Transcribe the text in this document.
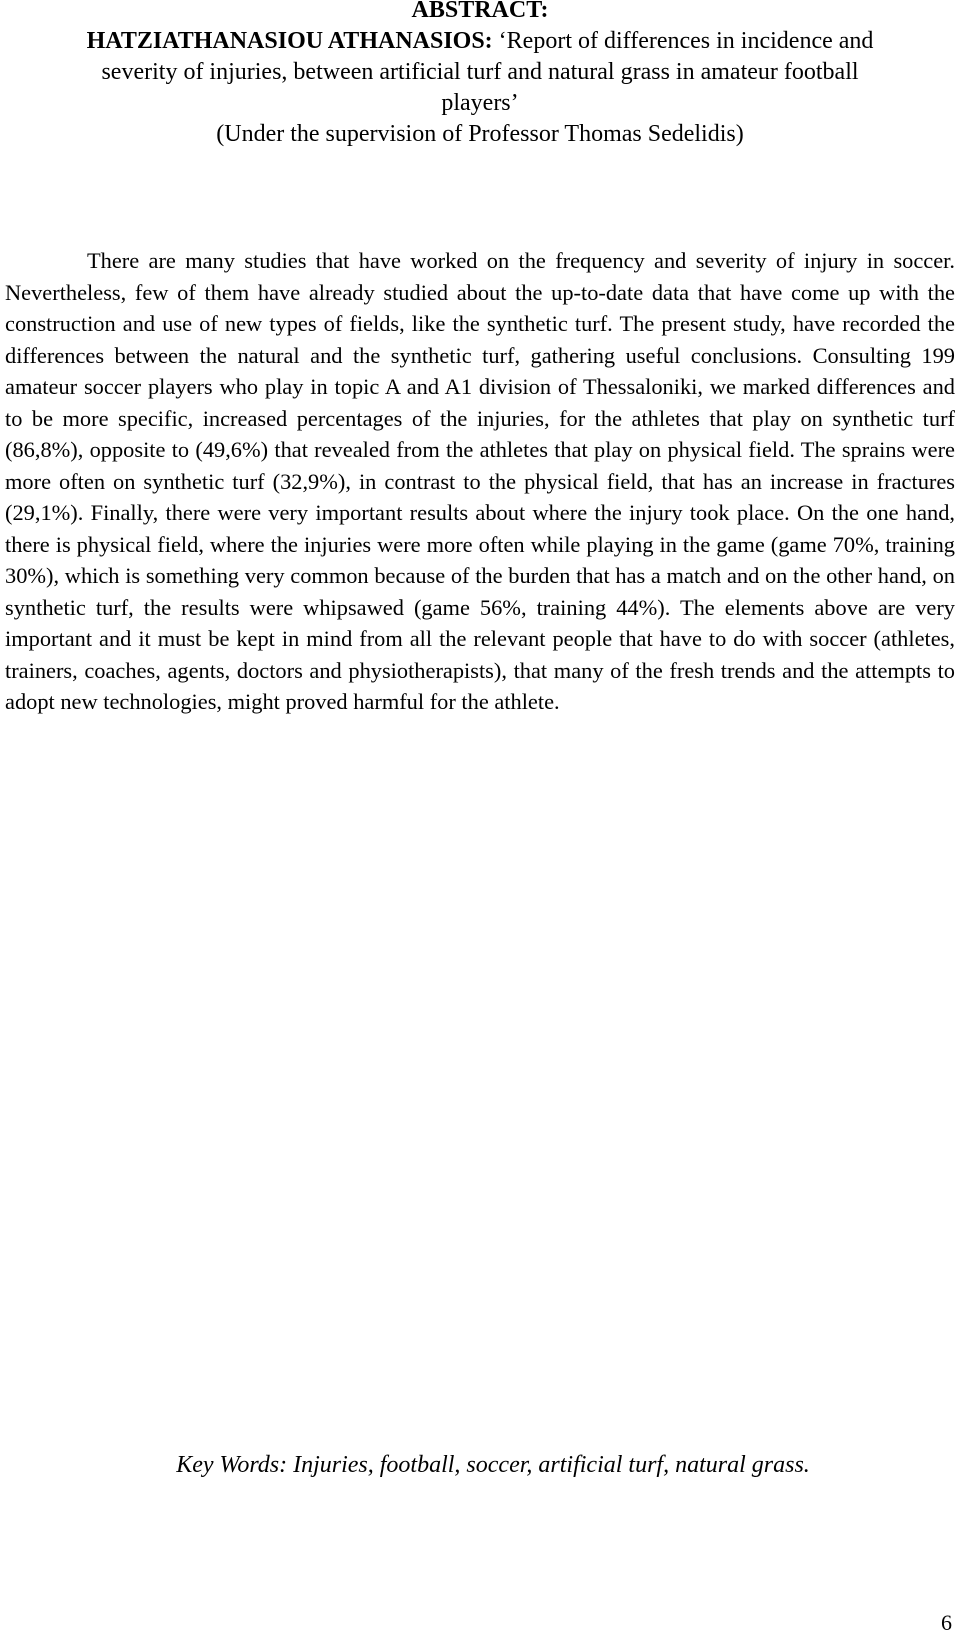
ABSTRACT:
HATZIATHANASIOU ATHANASIOS: ‘Report of differences in incidence and
severity of injuries, between artificial turf and natural grass in amateur football
players’
(Under the supervision of Professor Thomas Sedelidis)

There are many studies that have worked on the frequency and severity of injury in soccer. Nevertheless, few of them have already studied about the up-to-date data that have come up with the construction and use of new types of fields, like the synthetic turf. The present study, have recorded the differences between the natural and the synthetic turf, gathering useful conclusions. Consulting 199 amateur soccer players who play in topic A and A1 division of Thessaloniki, we marked differences and to be more specific, increased percentages of the injuries, for the athletes that play on synthetic turf (86,8%), opposite to (49,6%) that revealed from the athletes that play on physical field. The sprains were more often on synthetic turf (32,9%), in contrast to the physical field, that has an increase in fractures (29,1%). Finally, there were very important results about where the injury took place. On the one hand, there is physical field, where the injuries were more often while playing in the game (game 70%, training 30%), which is something very common because of the burden that has a match and on the other hand, on synthetic turf, the results were whipsawed (game 56%, training 44%). The elements above are very important and it must be kept in mind from all the relevant people that have to do with soccer (athletes, trainers, coaches, agents, doctors and physiotherapists), that many of the fresh trends and the attempts to adopt new technologies, might proved harmful for the athlete.

Key Words: Injuries, football, soccer, artificial turf, natural grass.
6
